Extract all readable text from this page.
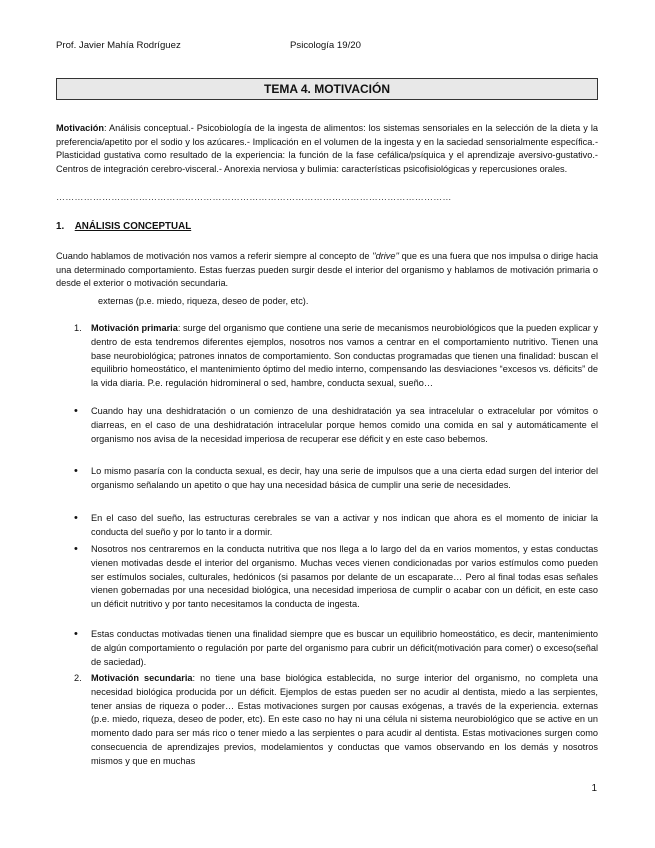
Prof. Javier Mahía Rodríguez	Psicología 19/20
TEMA 4. MOTIVACIÓN

Motivación: Análisis conceptual.- Psicobiología de la ingesta de alimentos: los sistemas sensoriales en la selección de la dieta y la preferencia/apetito por el sodio y los azúcares.- Implicación en el volumen de la ingesta y en la saciedad sensorialmente específica.- Plasticidad gustativa como resultado de la experiencia: la función de la fase cefálica/psíquica y el aprendizaje aversivo-gustativo.- Centros de integración cerebro-visceral.- Anorexia nerviosa y bulimia: características psicofisiológicas y repercusiones orales.

…………………………………………………………………………………………………………………
1. ANÁLISIS CONCEPTUAL

Cuando hablamos de motivación nos vamos a referir siempre al concepto de ''drive'' que es una fuera que nos impulsa o dirige hacia una determinado comportamiento. Estas fuerzas pueden surgir desde el interior del organismo y hablamos de motivación primaria o desde el exterior o motivación secundaria.

externas (p.e. miedo, riqueza, deseo de poder, etc).
1.	Motivación primaria: surge del organismo que contiene una serie de mecanismos neurobiológicos que la pueden explicar y dentro de esta tendremos diferentes ejemplos, nosotros nos vamos a centrar en el comportamiento nutritivo. Tienen una base neurobiológica; patrones innatos de comportamiento. Son conductas programadas que tienen una finalidad: buscan el equilibrio homeostático, el mantenimiento óptimo del medio interno, compensando las desviaciones “excesos vs. déficits” de la vida diaria. P.e. regulación hidromineral o sed, hambre, conducta sexual, sueño…
•	Cuando hay una deshidratación o un comienzo de una deshidratación ya sea intracelular o extracelular por vómitos o diarreas, en el caso de una deshidratación intracelular porque hemos comido una comida en sal y automáticamente el organismo nos avisa de la necesidad imperiosa de recuperar ese déficit y en este caso bebemos.
•	Lo mismo pasaría con la conducta sexual, es decir, hay una serie de impulsos que a una cierta edad surgen del interior del organismo señalando un apetito o que hay una necesidad básica de cumplir una serie de necesidades.
•	En el caso del sueño, las estructuras cerebrales se van a activar y nos indican que ahora es el momento de iniciar la conducta del sueño y por lo tanto ir a dormir.
•	Nosotros nos centraremos en la conducta nutritiva que nos llega a lo largo del da en varios momentos, y estas conductas vienen motivadas desde el interior del organismo. Muchas veces vienen condicionadas por varios estímulos como pueden ser estímulos sociales, culturales, hedónicos (si pasamos por delante de un escaparate… Pero al final todas esas señales vienen gobernadas por una necesidad biológica, una necesidad imperiosa de cumplir o acabar con un déficit, en este caso un déficit nutritivo y por tanto necesitamos la conducta de ingesta.
•	Estas conductas motivadas tienen una finalidad siempre que es buscar un equilibrio homeostático, es decir, mantenimiento de algún comportamiento o regulación por parte del organismo para cubrir un déficit(motivación para comer) o exceso(señal de saciedad).
2.	Motivación secundaria: no tiene una base biológica establecida, no surge interior del organismo, no completa una necesidad biológica producida por un déficit. Ejemplos de estas pueden ser no acudir al dentista, miedo a las serpientes, tener ansias de riqueza o poder… Estas motivaciones surgen por causas exógenas, a través de la experiencia. externas (p.e. miedo, riqueza, deseo de poder, etc). En este caso no hay ni una célula ni sistema neurobiológico que se active en un momento dado para ser más rico o tener miedo a las serpientes o para acudir al dentista. Estas motivaciones surgen como consecuencia de aprendizajes previos, modelamientos y conductas que vamos observando en los demás y nosotros mismos y que en muchas
1
